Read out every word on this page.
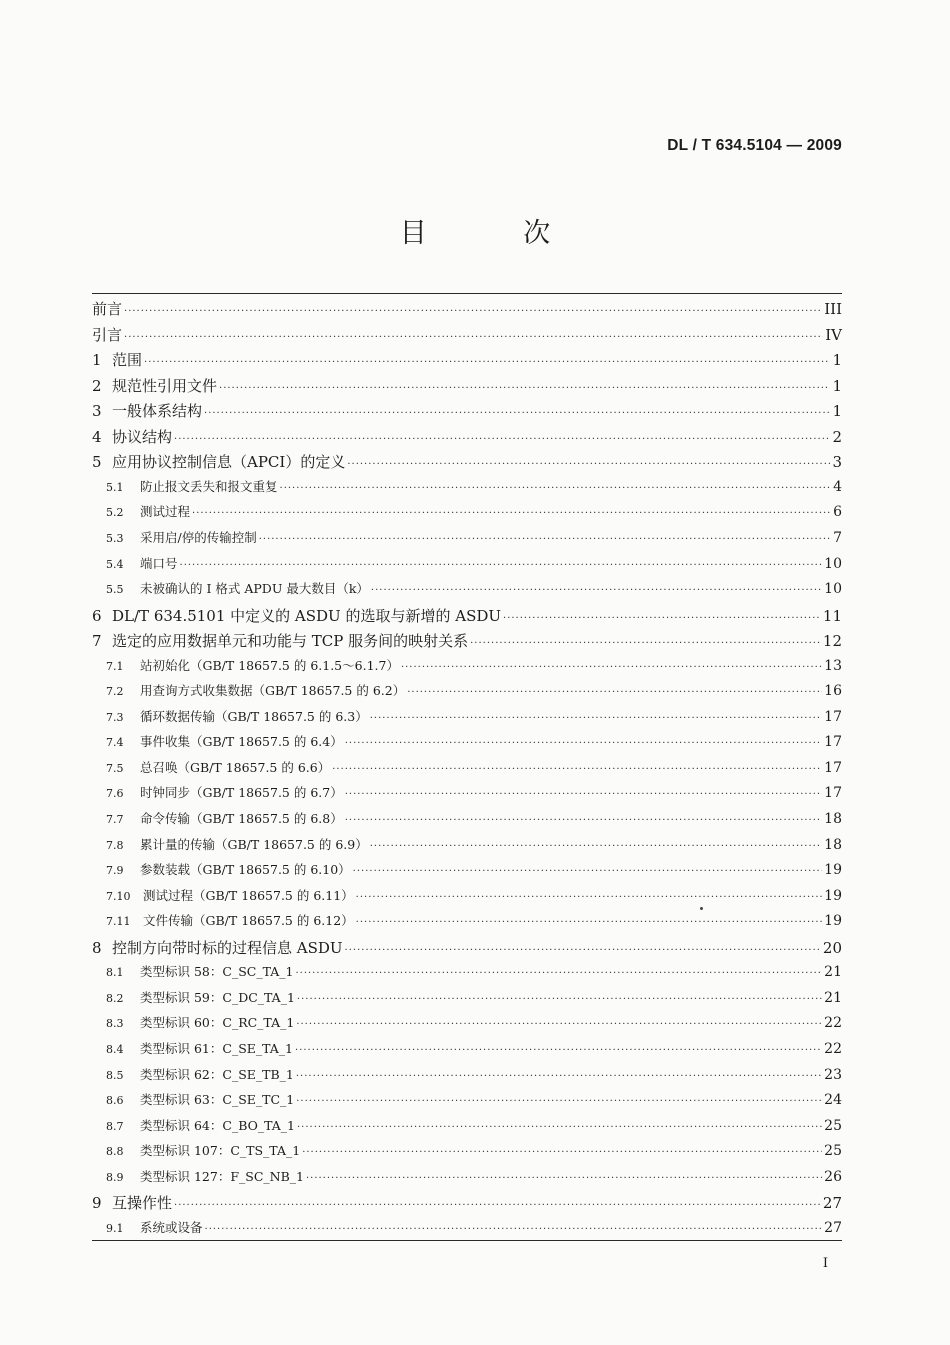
DL / T 634.5104 — 2009
目 次
前言 ·····	III
引言 ·····	IV
1 范围 ·····	1
2 规范性引用文件 ·····	1
3 一般体系结构 ·····	1
4 协议结构 ·····	2
5 应用协议控制信息（APCI）的定义 ·····	3
5.1	防止报文丢失和报文重复 ·····	4
5.2	测试过程 ·····	6
5.3	采用启/停的传输控制 ·····	7
5.4	端口号 ·····	10
5.5	未被确认的 I 格式 APDU 最大数目（k） ·····	10
6 DL/T 634.5101 中定义的 ASDU 的选取与新增的 ASDU ·····	11
7 选定的应用数据单元和功能与 TCP 服务间的映射关系 ·····	12
7.1	站初始化（GB/T 18657.5 的 6.1.5～6.1.7） ·····	13
7.2	用查询方式收集数据（GB/T 18657.5 的 6.2） ·····	16
7.3	循环数据传输（GB/T 18657.5 的 6.3） ·····	17
7.4	事件收集（GB/T 18657.5 的 6.4） ·····	17
7.5	总召唤（GB/T 18657.5 的 6.6） ·····	17
7.6	时钟同步（GB/T 18657.5 的 6.7） ·····	17
7.7	命令传输（GB/T 18657.5 的 6.8） ·····	18
7.8	累计量的传输（GB/T 18657.5 的 6.9） ·····	18
7.9	参数装载（GB/T 18657.5 的 6.10） ·····	19
7.10	测试过程（GB/T 18657.5 的 6.11） ·····	19
7.11	文件传输（GB/T 18657.5 的 6.12） ·····	19
8 控制方向带时标的过程信息 ASDU ·····	20
8.1	类型标识 58：C_SC_TA_1 ·····	21
8.2	类型标识 59：C_DC_TA_1 ·····	21
8.3	类型标识 60：C_RC_TA_1 ·····	22
8.4	类型标识 61：C_SE_TA_1 ·····	22
8.5	类型标识 62：C_SE_TB_1 ·····	23
8.6	类型标识 63：C_SE_TC_1 ·····	24
8.7	类型标识 64：C_BO_TA_1 ·····	25
8.8	类型标识 107：C_TS_TA_1 ·····	25
8.9	类型标识 127：F_SC_NB_1 ·····	26
9 互操作性 ·····	27
9.1	系统或设备 ·····	27
I
